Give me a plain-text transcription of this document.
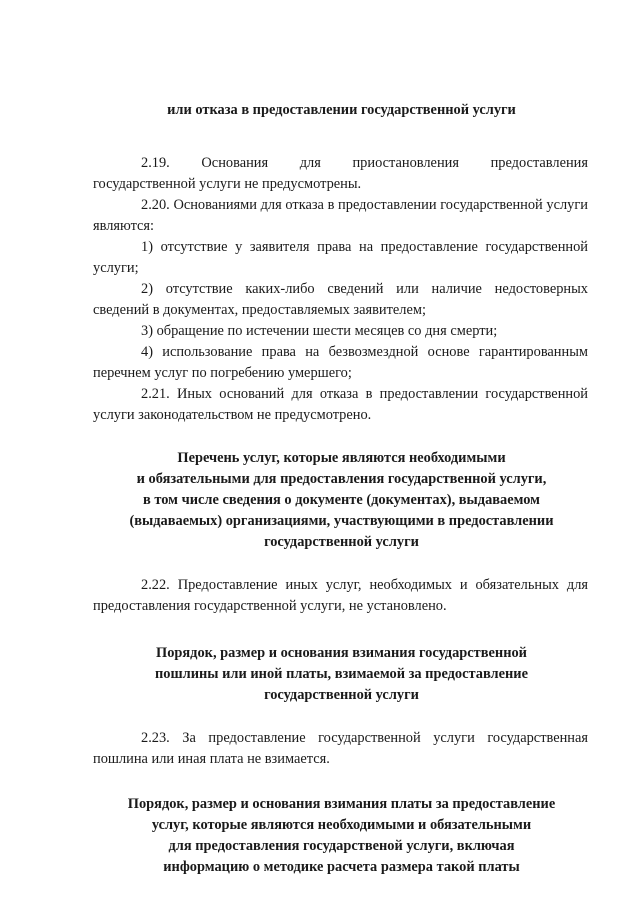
или отказа в предоставлении государственной услуги

2.19. Основания для приостановления предоставления

государственной услуги не предусмотрены.

2.20. Основаниями для отказа в предоставлении государственной услуги являются:

1) отсутствие у заявителя права на предоставление государственной услуги;

2) отсутствие каких-либо сведений или наличие недостоверных сведений в документах, предоставляемых заявителем;

3) обращение по истечении шести месяцев со дня смерти;

4) использование права на безвозмездной основе гарантированным перечнем услуг по погребению умершего;

2.21. Иных оснований для отказа в предоставлении государственной услуги законодательством не предусмотрено.

Перечень услуг, которые являются необходимыми
и обязательными для предоставления государственной услуги,
в том числе сведения о документе (документах), выдаваемом
(выдаваемых) организациями, участвующими в предоставлении
государственной услуги

2.22. Предоставление иных услуг, необходимых и обязательных для предоставления государственной услуги, не установлено.

Порядок, размер и основания взимания государственной
пошлины или иной платы, взимаемой за предоставление
государственной услуги

2.23. За предоставление государственной услуги государственная пошлина или иная плата не взимается.

Порядок, размер и основания взимания платы за предоставление
услуг, которые являются необходимыми и обязательными
для предоставления государственой услуги, включая
информацию о методике расчета размера такой платы
